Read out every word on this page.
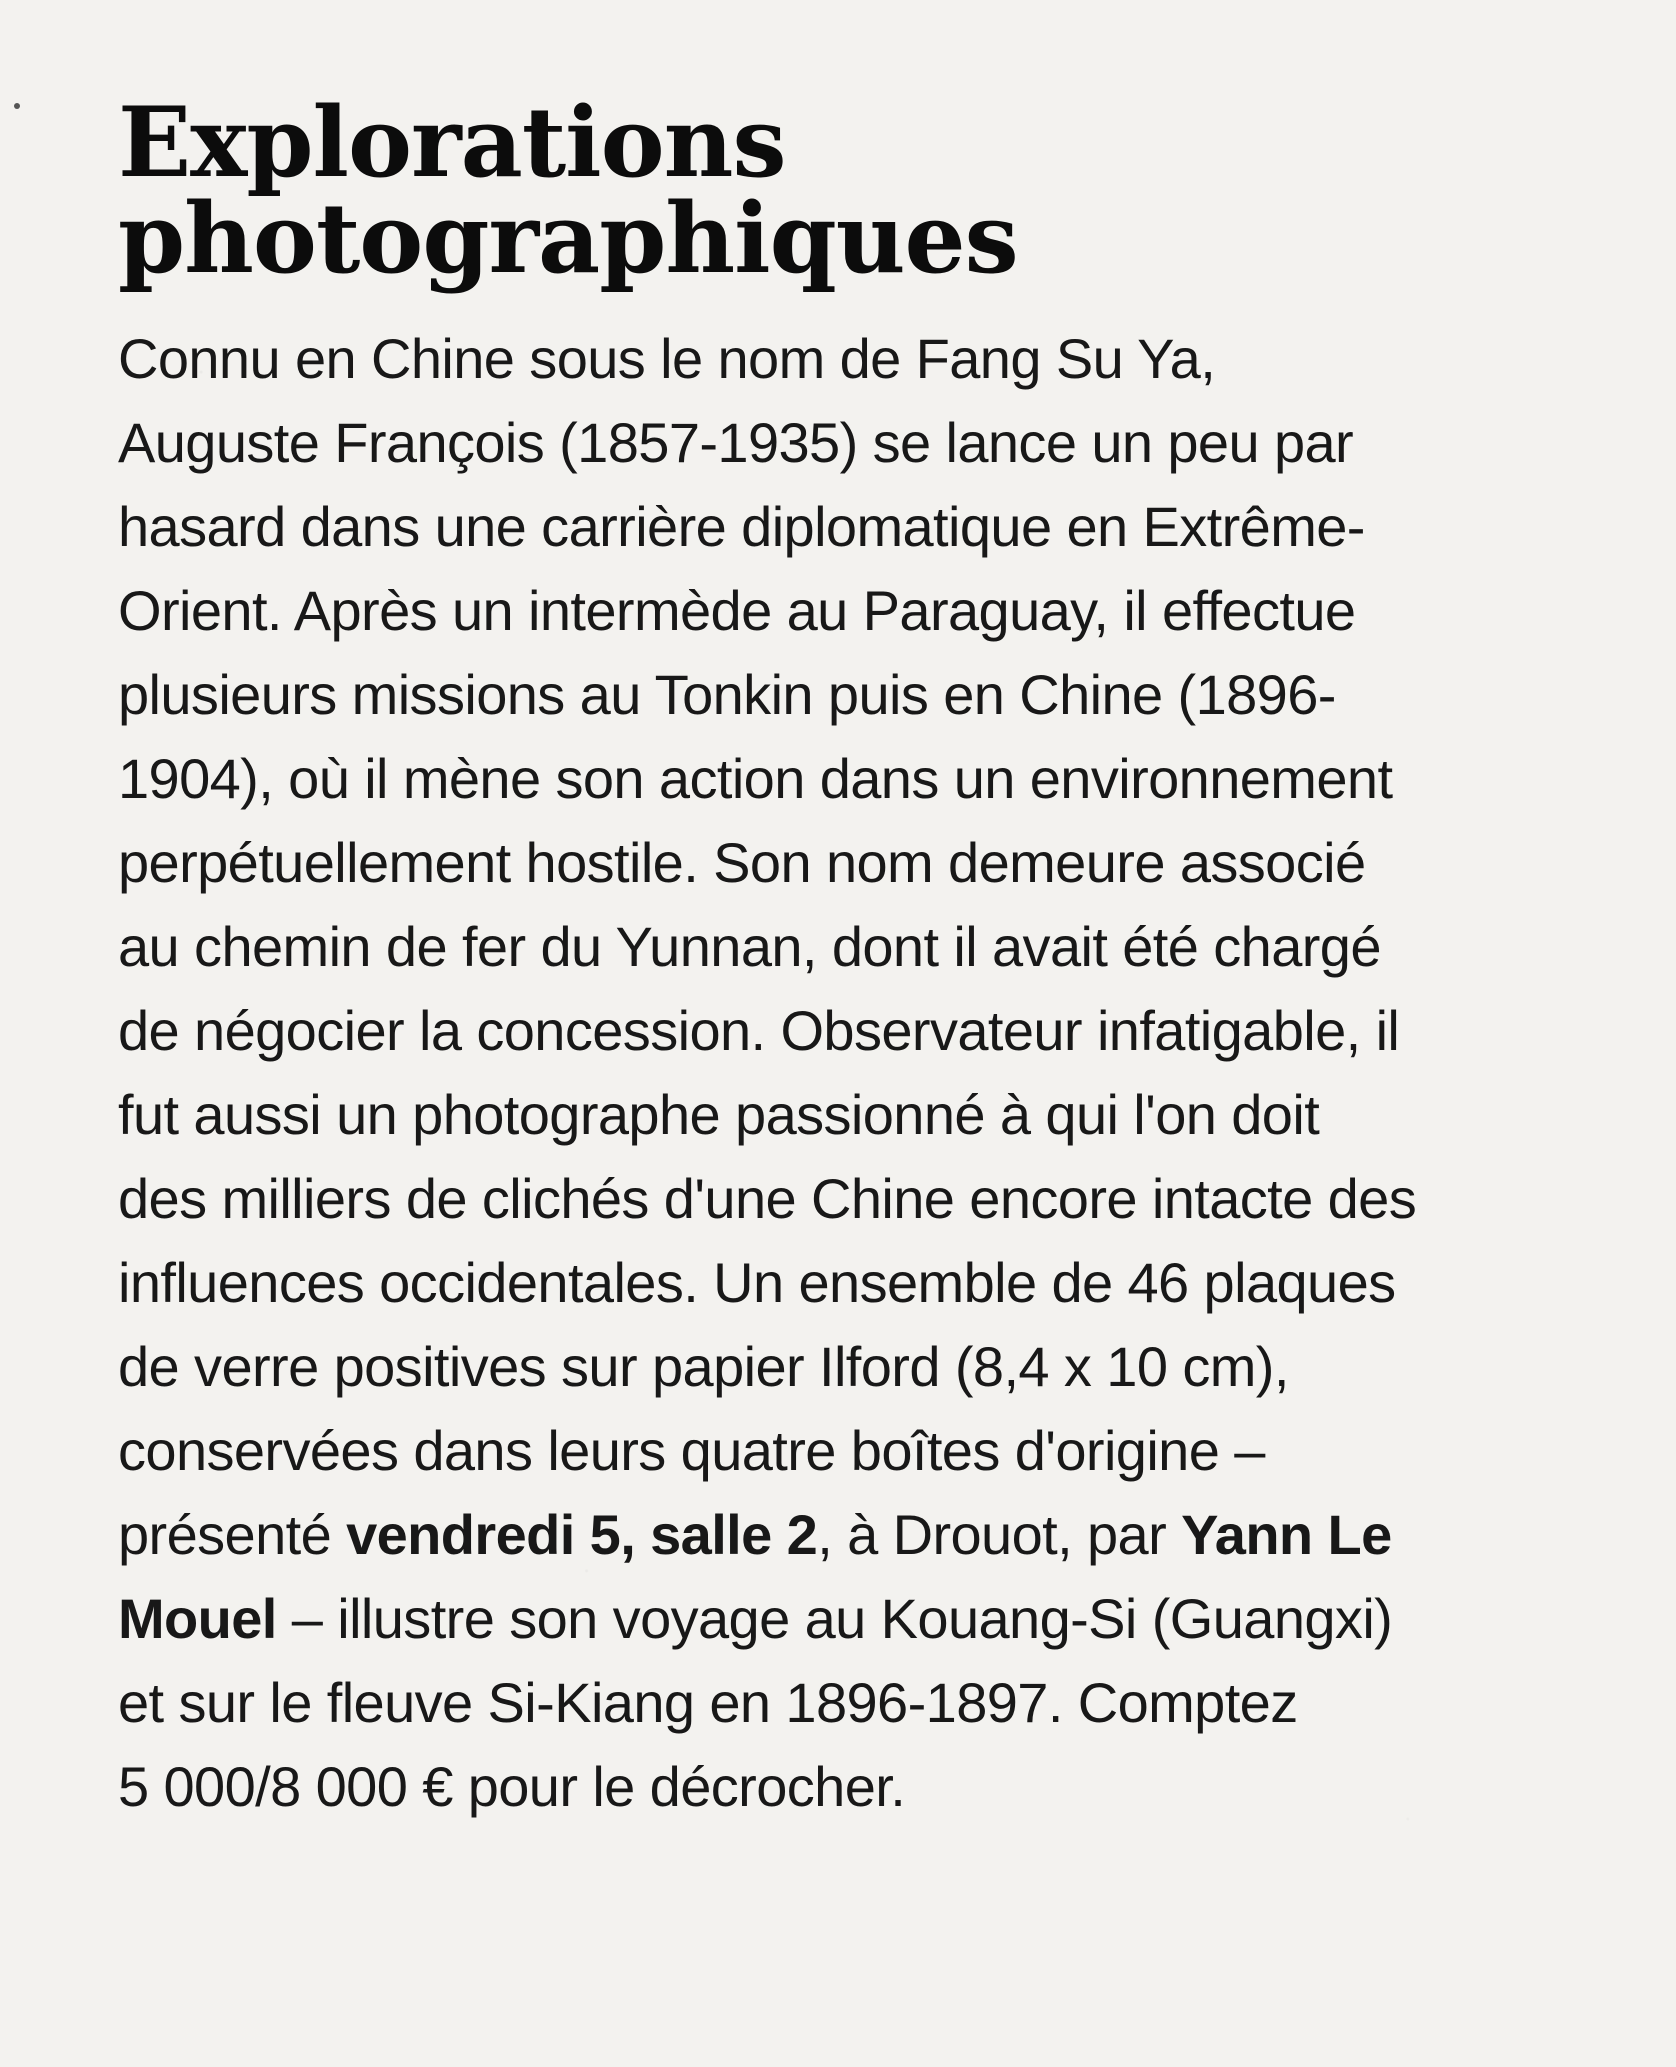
Explorations
photographiques
Connu en Chine sous le nom de Fang Su Ya,
Auguste François (1857-1935) se lance un peu par
hasard dans une carrière diplomatique en Extrême-
Orient. Après un intermède au Paraguay, il effectue
plusieurs missions au Tonkin puis en Chine (1896-
1904), où il mène son action dans un environnement
perpétuellement hostile. Son nom demeure associé
au chemin de fer du Yunnan, dont il avait été chargé
de négocier la concession. Observateur infatigable, il
fut aussi un photographe passionné à qui l'on doit
des milliers de clichés d'une Chine encore intacte des
influences occidentales. Un ensemble de 46 plaques
de verre positives sur papier Ilford (8,4 x 10 cm),
conservées dans leurs quatre boîtes d'origine –
présenté vendredi 5, salle 2, à Drouot, par Yann Le
Mouel – illustre son voyage au Kouang-Si (Guangxi)
et sur le fleuve Si-Kiang en 1896-1897. Comptez
5 000/8 000 € pour le décrocher.
